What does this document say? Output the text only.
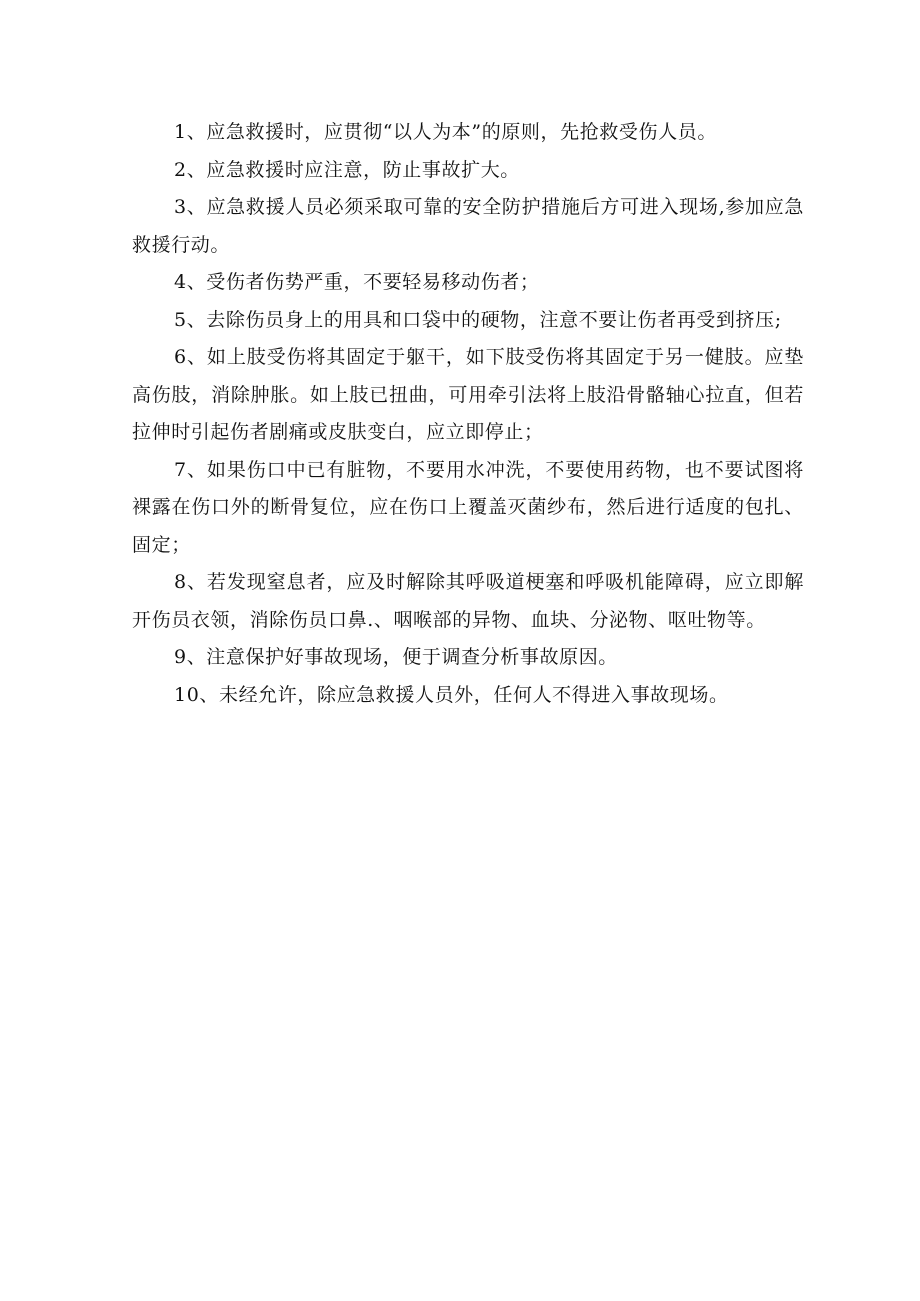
1、应急救援时，应贯彻“以人为本”的原则，先抢救受伤人员。

2、应急救援时应注意，防止事故扩大。

3、应急救援人员必须采取可靠的安全防护措施后方可进入现场,参加应急救援行动。

4、受伤者伤势严重，不要轻易移动伤者；

5、去除伤员身上的用具和口袋中的硬物，注意不要让伤者再受到挤压;

6、如上肢受伤将其固定于躯干，如下肢受伤将其固定于另一健肢。应垫高伤肢，消除肿胀。如上肢已扭曲，可用牵引法将上肢沿骨骼轴心拉直，但若拉伸时引起伤者剧痛或皮肤变白，应立即停止；

7、如果伤口中已有脏物，不要用水冲洗，不要使用药物，也不要试图将裸露在伤口外的断骨复位，应在伤口上覆盖灭菌纱布，然后进行适度的包扎、固定；

8、若发现窒息者，应及时解除其呼吸道梗塞和呼吸机能障碍，应立即解开伤员衣领，消除伤员口鼻.、咽喉部的异物、血块、分泌物、呕吐物等。

9、注意保护好事故现场，便于调查分析事故原因。

10、未经允许，除应急救援人员外，任何人不得进入事故现场。
